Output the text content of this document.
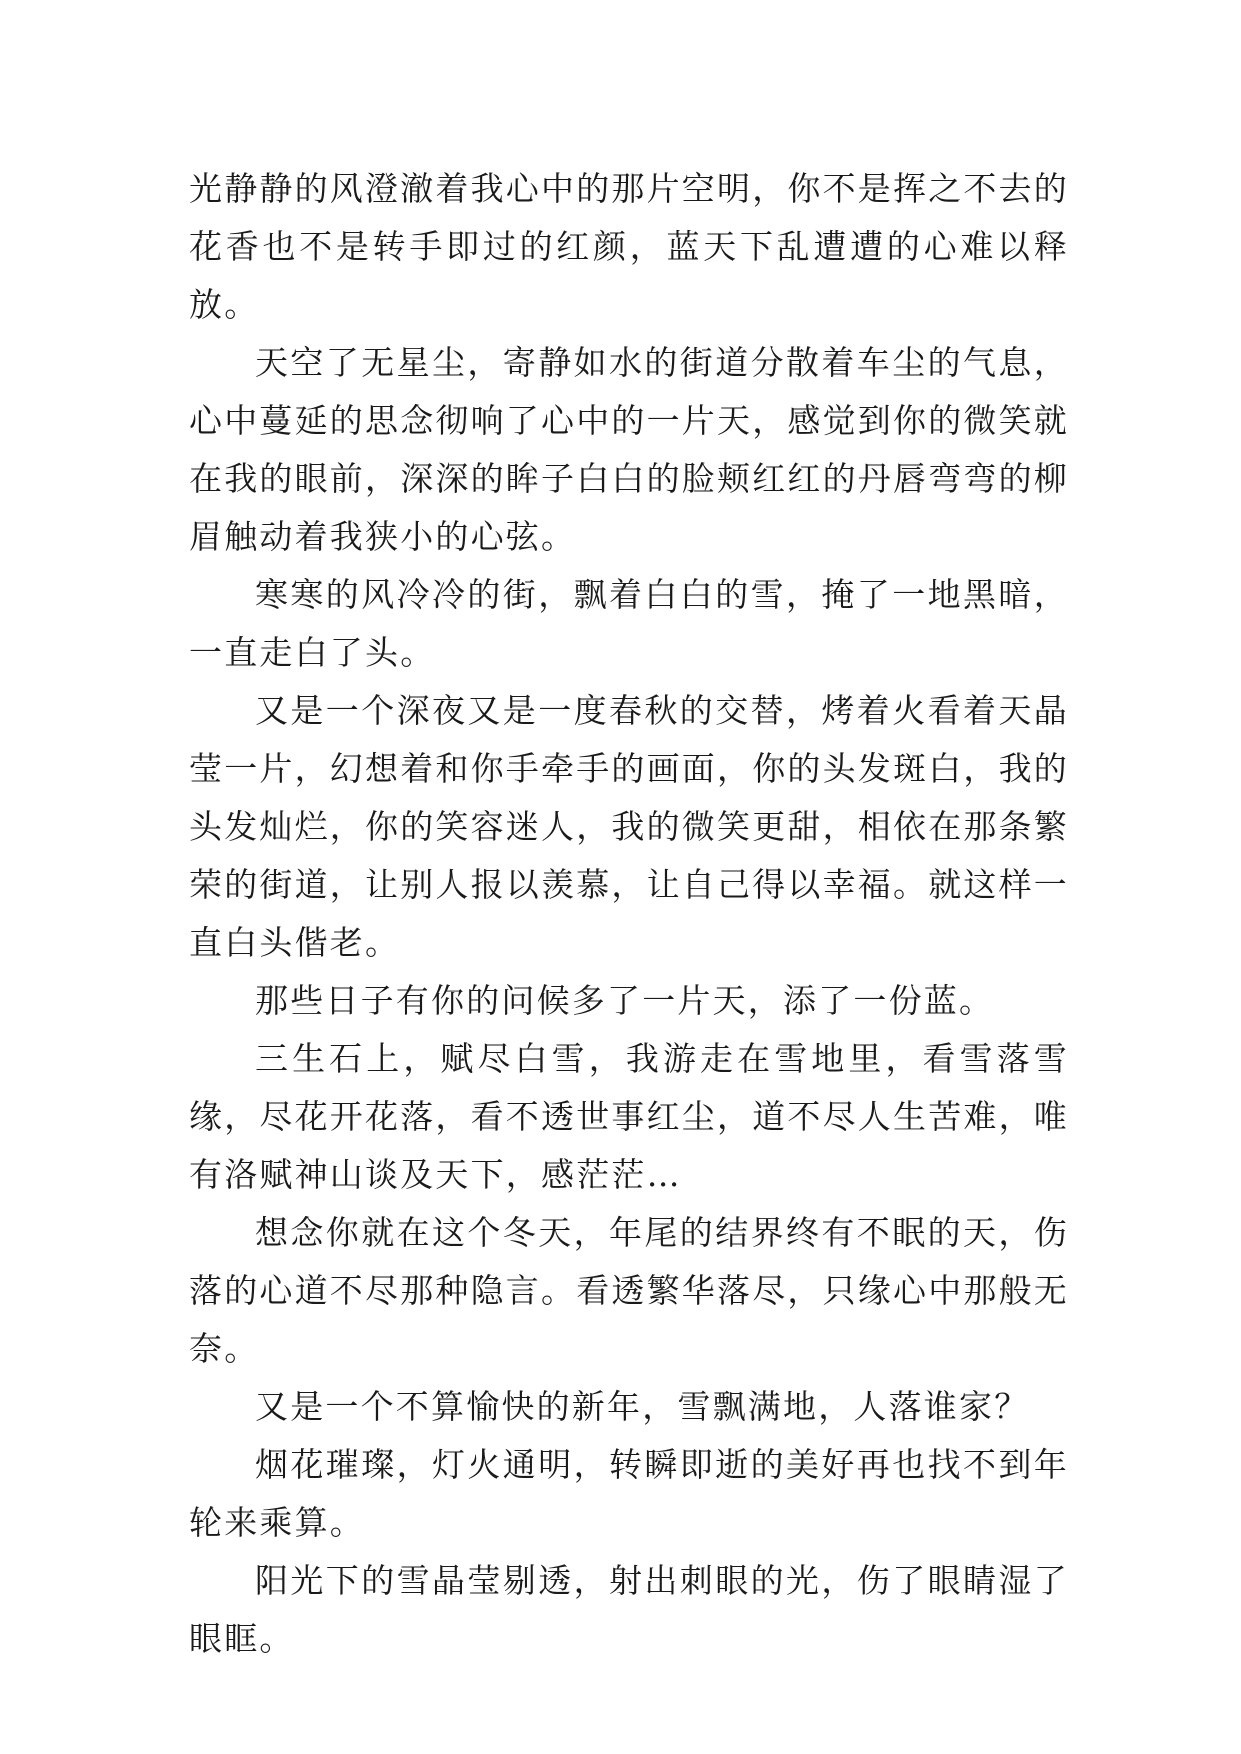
光静静的风澄澈着我心中的那片空明，你不是挥之不去的花香也不是转手即过的红颜，蓝天下乱遭遭的心难以释放。

天空了无星尘，寄静如水的街道分散着车尘的气息，心中蔓延的思念彻响了心中的一片天，感觉到你的微笑就在我的眼前，深深的眸子白白的脸颊红红的丹唇弯弯的柳眉触动着我狭小的心弦。

寒寒的风冷冷的街，飘着白白的雪，掩了一地黑暗，一直走白了头。

又是一个深夜又是一度春秋的交替，烤着火看着天晶莹一片，幻想着和你手牵手的画面，你的头发斑白，我的头发灿烂，你的笑容迷人，我的微笑更甜，相依在那条繁荣的街道，让别人报以羡慕，让自己得以幸福。就这样一直白头偕老。

那些日子有你的问候多了一片天，添了一份蓝。

三生石上，赋尽白雪，我游走在雪地里，看雪落雪缘，尽花开花落，看不透世事红尘，道不尽人生苦难，唯有洛赋神山谈及天下，感茫茫…

想念你就在这个冬天，年尾的结界终有不眠的天，伤落的心道不尽那种隐言。看透繁华落尽，只缘心中那般无奈。

又是一个不算愉快的新年，雪飘满地，人落谁家？

烟花璀璨，灯火通明，转瞬即逝的美好再也找不到年轮来乘算。

阳光下的雪晶莹剔透，射出刺眼的光，伤了眼睛湿了眼眶。
